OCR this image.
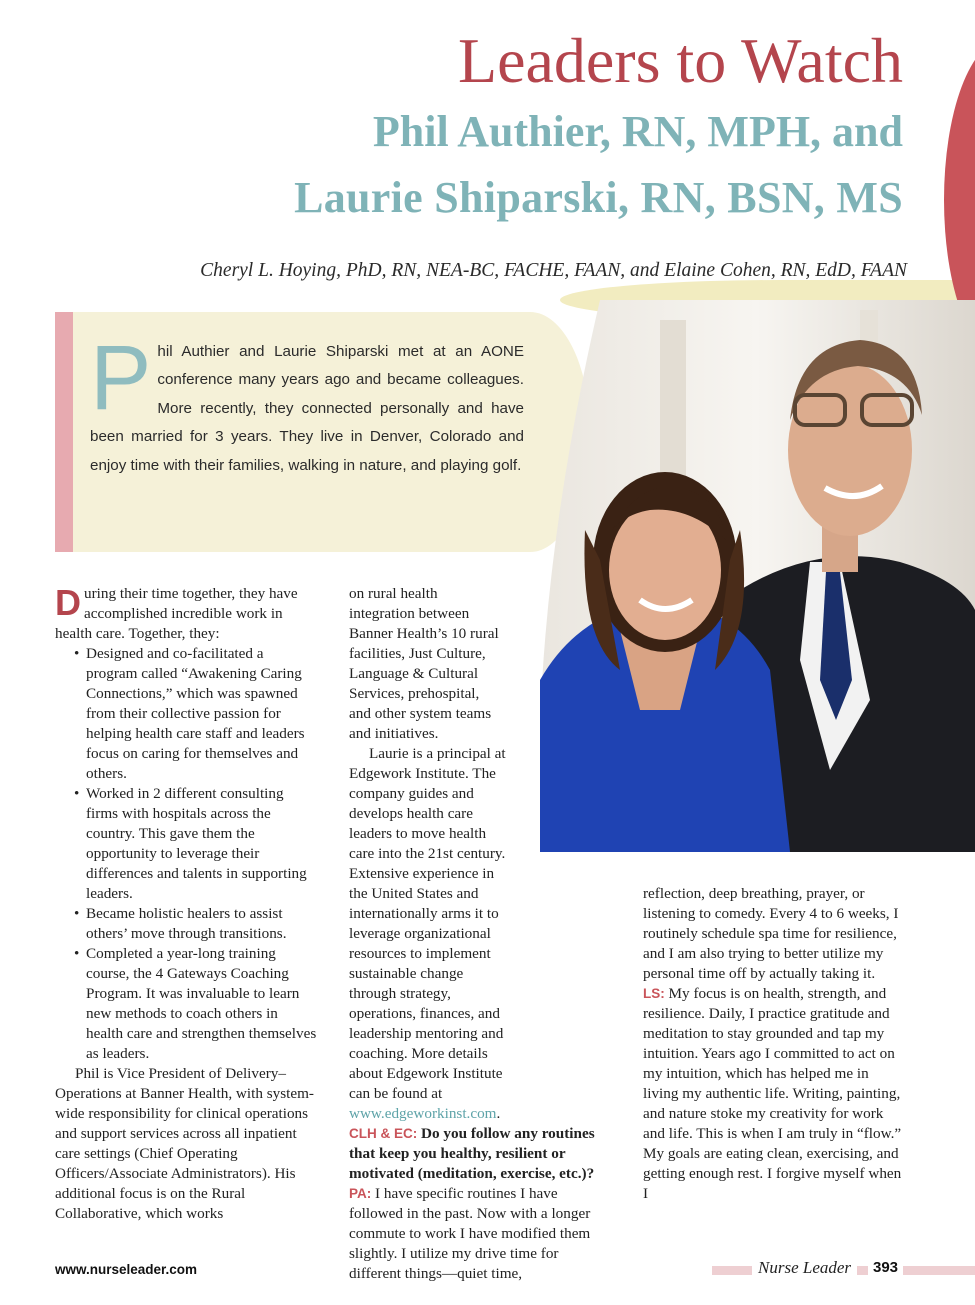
Leaders to Watch
Phil Authier, RN, MPH, and
Laurie Shiparski, RN, BSN, MS
Cheryl L. Hoying, PhD, RN, NEA-BC, FACHE, FAAN, and Elaine Cohen, RN, EdD, FAAN
Phil Authier and Laurie Shiparski met at an AONE conference many years ago and became colleagues. More recently, they connected personally and have been married for 3 years. They live in Denver, Colorado and enjoy time with their families, walking in nature, and playing golf.

During their time together, they have accomplished incredible work in health care. Together, they:

• Designed and co-facilitated a program called “Awakening Caring Connections,” which was spawned from their collective passion for helping health care staff and leaders focus on caring for themselves and others.
• Worked in 2 different consulting firms with hospitals across the country. This gave them the opportunity to leverage their differences and talents in supporting leaders.
• Became holistic healers to assist others’ move through transitions.
• Completed a year-long training course, the 4 Gateways Coaching Program. It was invaluable to learn new methods to coach others in health care and strengthen themselves as leaders.

Phil is Vice President of Delivery–Operations at Banner Health, with system-wide responsibility for clinical operations and support services across all inpatient care settings (Chief Operating Officers/Associate Administrators). His additional focus is on the Rural Collaborative, which works

on rural health integration between Banner Health’s 10 rural facilities, Just Culture, Language & Cultural Services, prehospital, and other system teams and initiatives.

Laurie is a principal at Edgework Institute. The company guides and develops health care leaders to move health care into the 21st century. Extensive experience in the United States and internationally arms it to leverage organizational resources to implement sustainable change through strategy, operations, finances, and leadership mentoring and coaching. More details about Edgework Institute can be found at www.edgeworkinst.com.

CLH & EC: Do you follow any routines that keep you healthy, resilient or motivated (meditation, exercise, etc.)?

PA: I have specific routines I have followed in the past. Now with a longer commute to work I have modified them slightly. I utilize my drive time for different things—quiet time,

reflection, deep breathing, prayer, or listening to comedy. Every 4 to 6 weeks, I routinely schedule spa time for resilience, and I am also trying to better utilize my personal time off by actually taking it.

LS: My focus is on health, strength, and resilience. Daily, I practice gratitude and meditation to stay grounded and tap my intuition. Years ago I committed to act on my intuition, which has helped me in living my authentic life. Writing, painting, and nature stoke my creativity for work and life. This is when I am truly in “flow.” My goals are eating clean, exercising, and getting enough rest. I forgive myself when I

www.nurseleader.com	Nurse Leader	393
